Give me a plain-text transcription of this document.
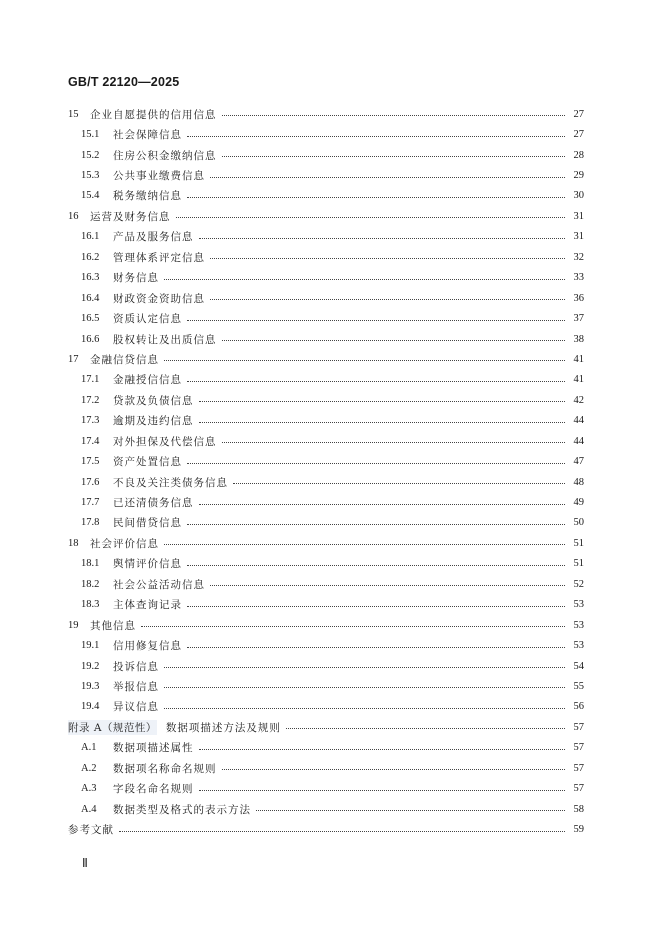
GB/T 22120—2025
15	企业自愿提供的信用信息	27
15.1	社会保障信息	27
15.2	住房公积金缴纳信息	28
15.3	公共事业缴费信息	29
15.4	税务缴纳信息	30
16	运营及财务信息	31
16.1	产品及服务信息	31
16.2	管理体系评定信息	32
16.3	财务信息	33
16.4	财政资金资助信息	36
16.5	资质认定信息	37
16.6	股权转让及出质信息	38
17	金融信贷信息	41
17.1	金融授信信息	41
17.2	贷款及负债信息	42
17.3	逾期及违约信息	44
17.4	对外担保及代偿信息	44
17.5	资产处置信息	47
17.6	不良及关注类债务信息	48
17.7	已还清债务信息	49
17.8	民间借贷信息	50
18	社会评价信息	51
18.1	舆情评价信息	51
18.2	社会公益活动信息	52
18.3	主体查询记录	53
19	其他信息	53
19.1	信用修复信息	53
19.2	投诉信息	54
19.3	举报信息	55
19.4	异议信息	56
附录 A（规范性） 数据项描述方法及规则	57
A.1	数据项描述属性	57
A.2	数据项名称命名规则	57
A.3	字段名命名规则	57
A.4	数据类型及格式的表示方法	58
参考文献	59
Ⅱ
